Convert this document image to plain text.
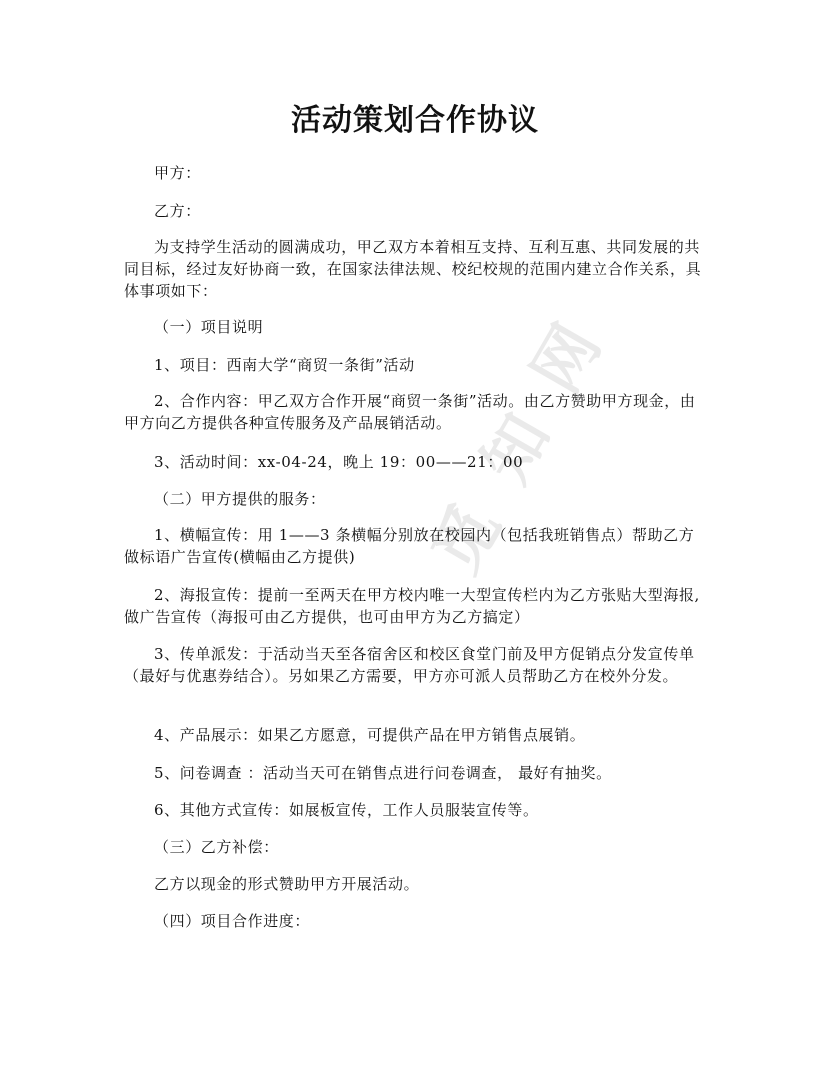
觅
知
网
活动策划合作协议
甲方：
乙方：
为支持学生活动的圆满成功，甲乙双方本着相互支持、互利互惠、共同发展的共同目标，经过友好协商一致，在国家法律法规、校纪校规的范围内建立合作关系，具体事项如下：
（一）项目说明
1、项目：西南大学“商贸一条街”活动
2、合作内容：甲乙双方合作开展“商贸一条街”活动。由乙方赞助甲方现金，由甲方向乙方提供各种宣传服务及产品展销活动。
3、活动时间：xx-04-24，晚上 19：00——21：00
（二）甲方提供的服务：
1、横幅宣传：用 1——3 条横幅分别放在校园内（包括我班销售点）帮助乙方做标语广告宣传(横幅由乙方提供)
2、海报宣传：提前一至两天在甲方校内唯一大型宣传栏内为乙方张贴大型海报,做广告宣传（海报可由乙方提供，也可由甲方为乙方搞定）
3、传单派发：于活动当天至各宿舍区和校区食堂门前及甲方促销点分发宣传单（最好与优惠券结合）。另如果乙方需要，甲方亦可派人员帮助乙方在校外分发。
4、产品展示：如果乙方愿意，可提供产品在甲方销售点展销。
5、问卷调查 ：活动当天可在销售点进行问卷调查， 最好有抽奖。
6、其他方式宣传：如展板宣传，工作人员服装宣传等。
（三）乙方补偿：
乙方以现金的形式赞助甲方开展活动。
（四）项目合作进度：
